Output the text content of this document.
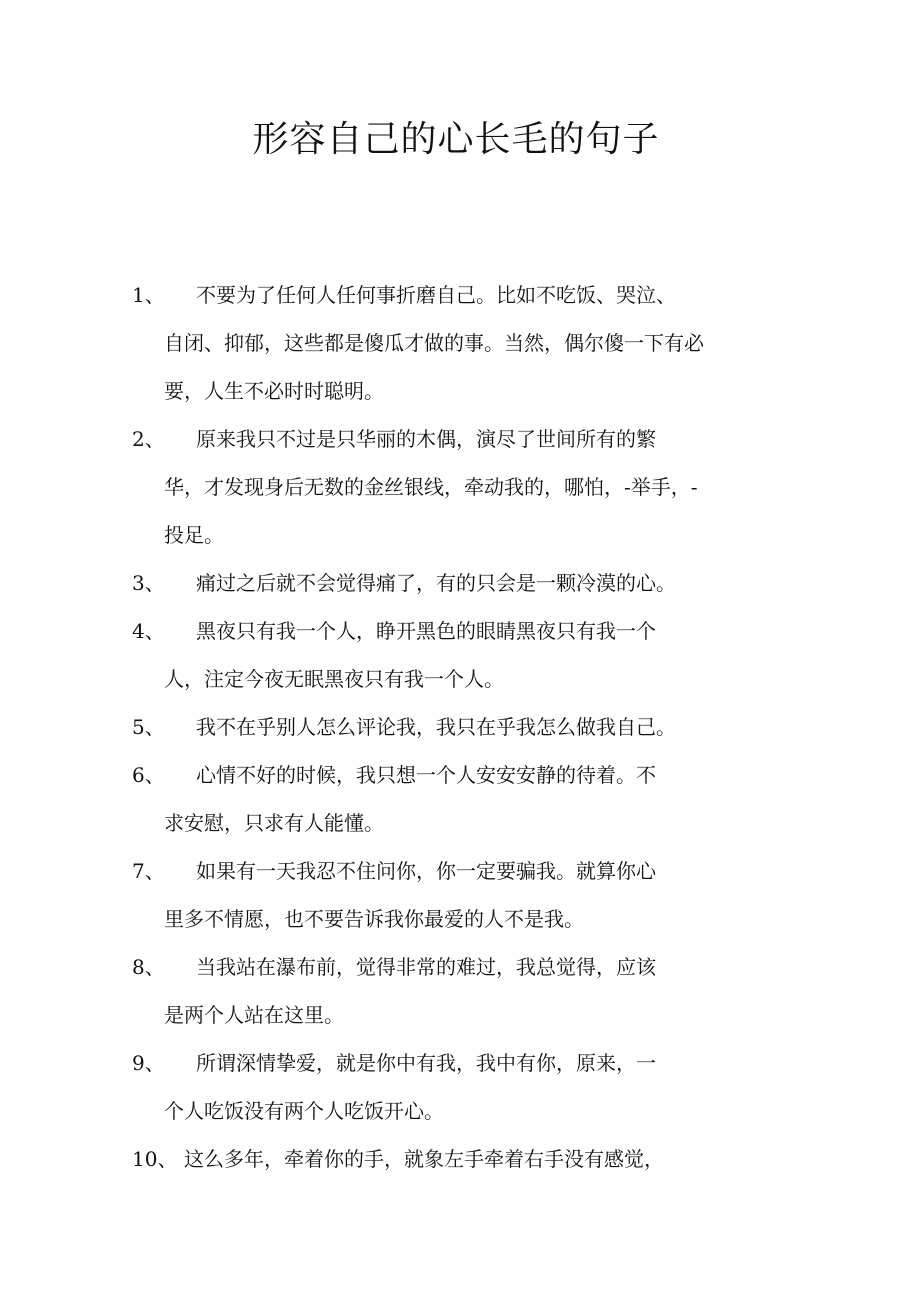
形容自己的心长毛的句子
1、	不要为了任何人任何事折磨自己。比如不吃饭、哭泣、
自闭、抑郁，这些都是傻瓜才做的事。当然，偶尔傻一下有必
要，人生不必时时聪明。
2、	原来我只不过是只华丽的木偶，演尽了世间所有的繁
华，才发现身后无数的金丝银线，牵动我的，哪怕，-举手，-
投足。
3、	痛过之后就不会觉得痛了，有的只会是一颗冷漠的心。
4、	黑夜只有我一个人，睁开黑色的眼睛黑夜只有我一个
人，注定今夜无眠黑夜只有我一个人。
5、	我不在乎别人怎么评论我，我只在乎我怎么做我自己。
6、	心情不好的时候，我只想一个人安安安静的待着。不
求安慰，只求有人能懂。
7、	如果有一天我忍不住问你，你一定要骗我。就算你心
里多不情愿，也不要告诉我你最爱的人不是我。
8、	当我站在瀑布前，觉得非常的难过，我总觉得，应该
是两个人站在这里。
9、	所谓深情挚爱，就是你中有我，我中有你，原来，一
个人吃饭没有两个人吃饭开心。
10、 这么多年，牵着你的手，就象左手牵着右手没有感觉，
